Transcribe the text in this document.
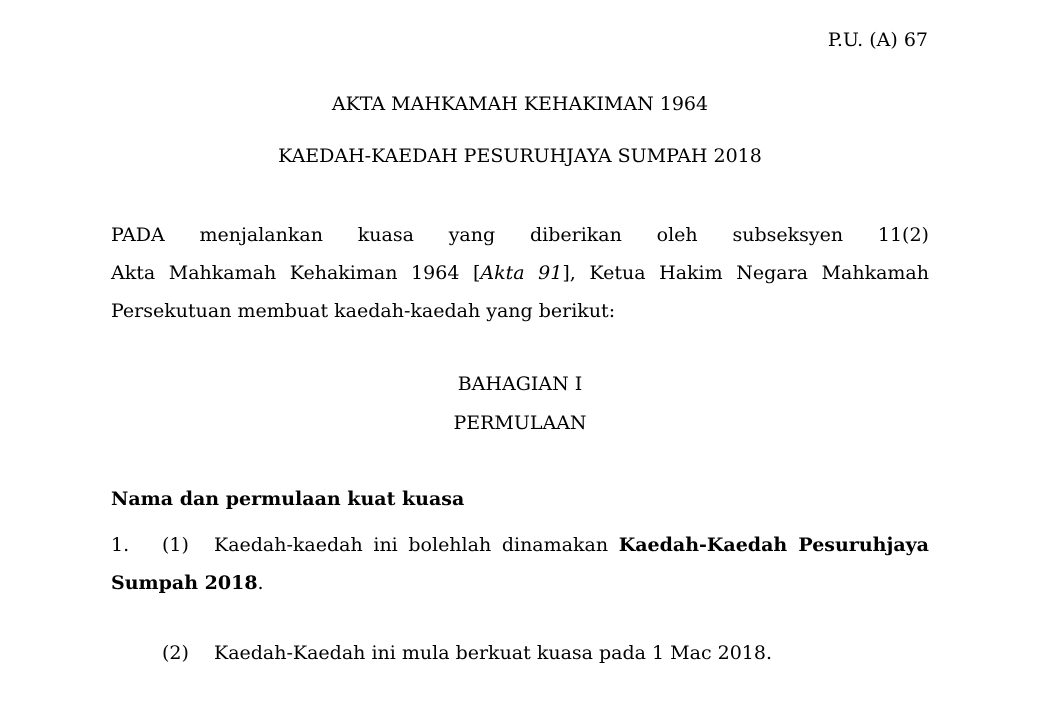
P.U. (A) 67
AKTA MAHKAMAH KEHAKIMAN 1964
KAEDAH-KAEDAH PESURUHJAYA SUMPAH 2018
PADA menjalankan kuasa yang diberikan oleh subseksyen 11(2)
Akta Mahkamah Kehakiman 1964 [Akta 91], Ketua Hakim Negara Mahkamah
Persekutuan membuat kaedah-kaedah yang berikut:
BAHAGIAN I
PERMULAAN
Nama dan permulaan kuat kuasa
1. (1) Kaedah-kaedah ini bolehlah dinamakan Kaedah-Kaedah Pesuruhjaya
Sumpah 2018.
(2) Kaedah-Kaedah ini mula berkuat kuasa pada 1 Mac 2018.
